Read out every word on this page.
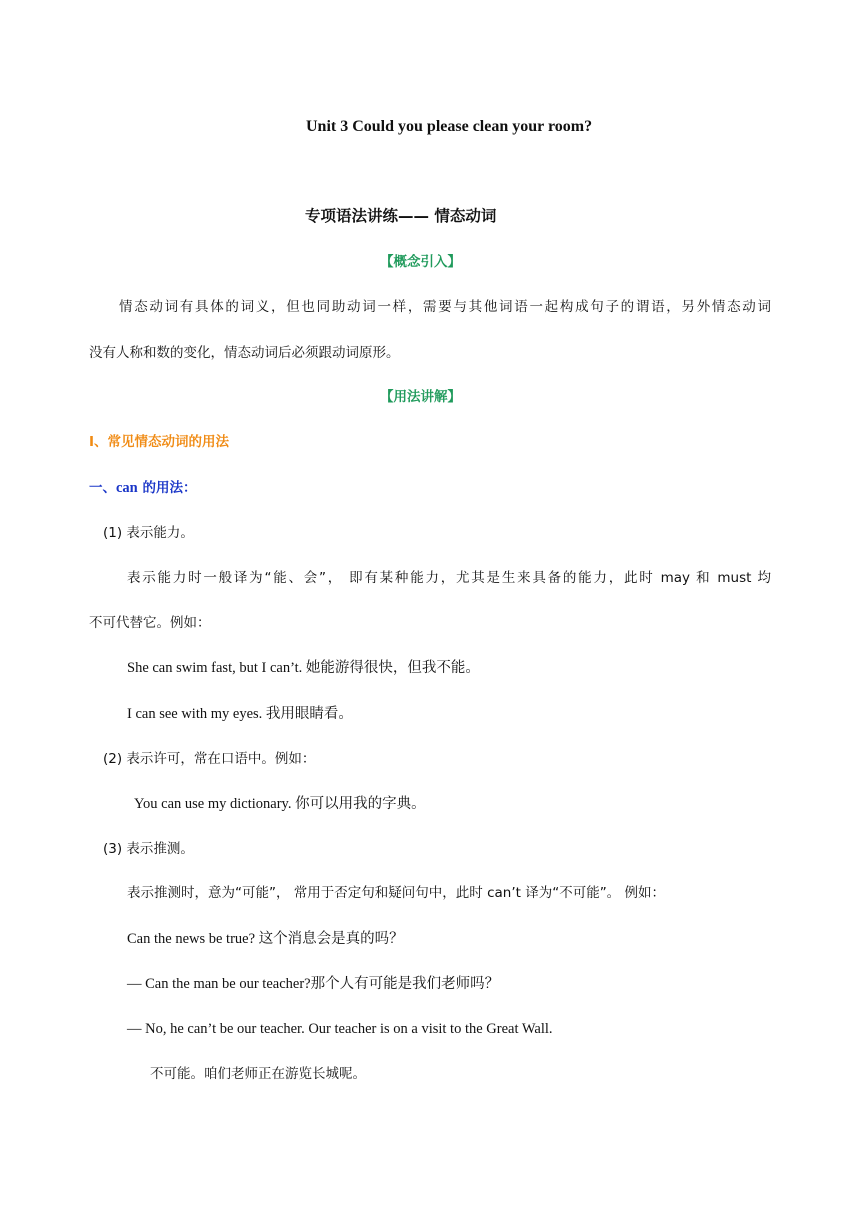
Unit 3 Could you please clean your room?
专项语法讲练—— 情态动词
【概念引入】
情态动词有具体的词义，但也同助动词一样，需要与其他词语一起构成句子的谓语，另外情态动词
没有人称和数的变化，情态动词后必须跟动词原形。
【用法讲解】
I、常见情态动词的用法
一、can 的用法：
(1) 表示能力。
表示能力时一般译为“能、会”， 即有某种能力，尤其是生来具备的能力，此时 may 和 must 均
不可代替它。例如：
She can swim fast, but I can’t. 她能游得很快，但我不能。
I can see with my eyes. 我用眼睛看。
(2) 表示许可，常在口语中。例如：
You can use my dictionary. 你可以用我的字典。
(3) 表示推测。
表示推测时，意为“可能”， 常用于否定句和疑问句中，此时 can’t 译为“不可能”。 例如：
Can the news be true? 这个消息会是真的吗？
— Can the man be our teacher?那个人有可能是我们老师吗？
— No, he can’t be our teacher. Our teacher is on a visit to the Great Wall.
不可能。咱们老师正在游览长城呢。
